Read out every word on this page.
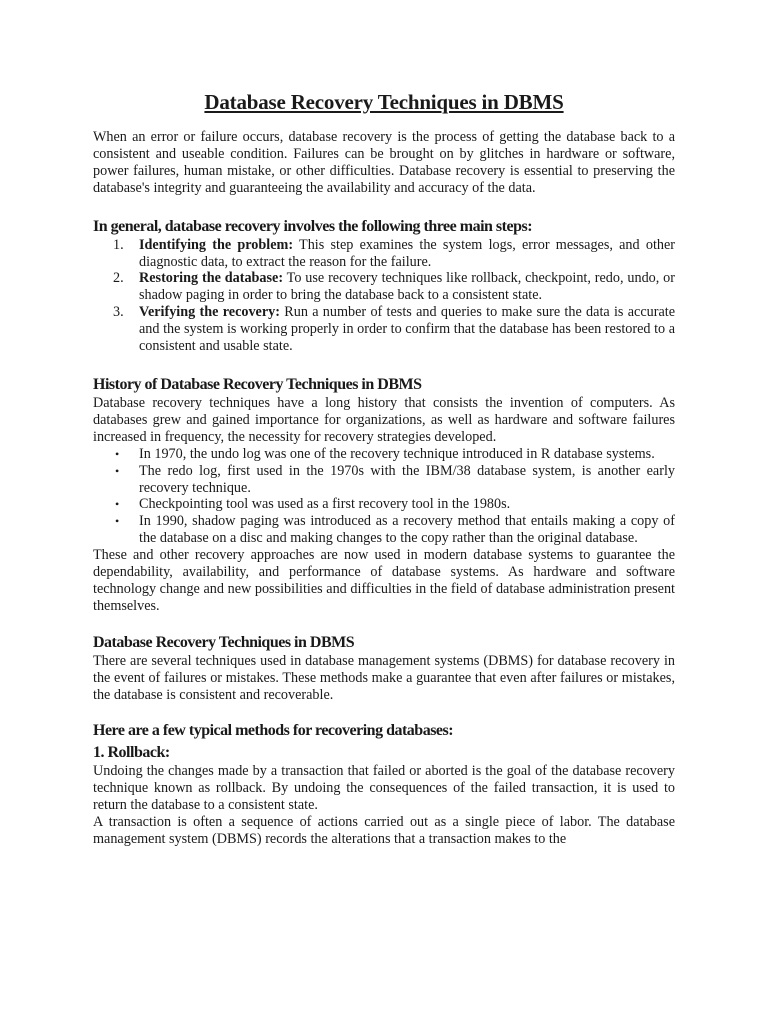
Database Recovery Techniques in DBMS

When an error or failure occurs, database recovery is the process of getting the database back to a consistent and useable condition. Failures can be brought on by glitches in hardware or software, power failures, human mistake, or other difficulties. Database recovery is essential to preserving the database's integrity and guaranteeing the availability and accuracy of the data.

In general, database recovery involves the following three main steps:
1. Identifying the problem: This step examines the system logs, error messages, and other diagnostic data, to extract the reason for the failure.
2. Restoring the database: To use recovery techniques like rollback, checkpoint, redo, undo, or shadow paging in order to bring the database back to a consistent state.
3. Verifying the recovery: Run a number of tests and queries to make sure the data is accurate and the system is working properly in order to confirm that the database has been restored to a consistent and usable state.
History of Database Recovery Techniques in DBMS

Database recovery techniques have a long history that consists the invention of computers. As databases grew and gained importance for organizations, as well as hardware and software failures increased in frequency, the necessity for recovery strategies developed.

• In 1970, the undo log was one of the recovery technique introduced in R database systems.
• The redo log, first used in the 1970s with the IBM/38 database system, is another early recovery technique.
• Checkpointing tool was used as a first recovery tool in the 1980s.
• In 1990, shadow paging was introduced as a recovery method that entails making a copy of the database on a disc and making changes to the copy rather than the original database.

These and other recovery approaches are now used in modern database systems to guarantee the dependability, availability, and performance of database systems. As hardware and software technology change and new possibilities and difficulties in the field of database administration present themselves.

Database Recovery Techniques in DBMS

There are several techniques used in database management systems (DBMS) for database recovery in the event of failures or mistakes. These methods make a guarantee that even after failures or mistakes, the database is consistent and recoverable.

Here are a few typical methods for recovering databases:
1. Rollback:

Undoing the changes made by a transaction that failed or aborted is the goal of the database recovery technique known as rollback. By undoing the consequences of the failed transaction, it is used to return the database to a consistent state.

A transaction is often a sequence of actions carried out as a single piece of labor. The database management system (DBMS) records the alterations that a transaction makes to the
